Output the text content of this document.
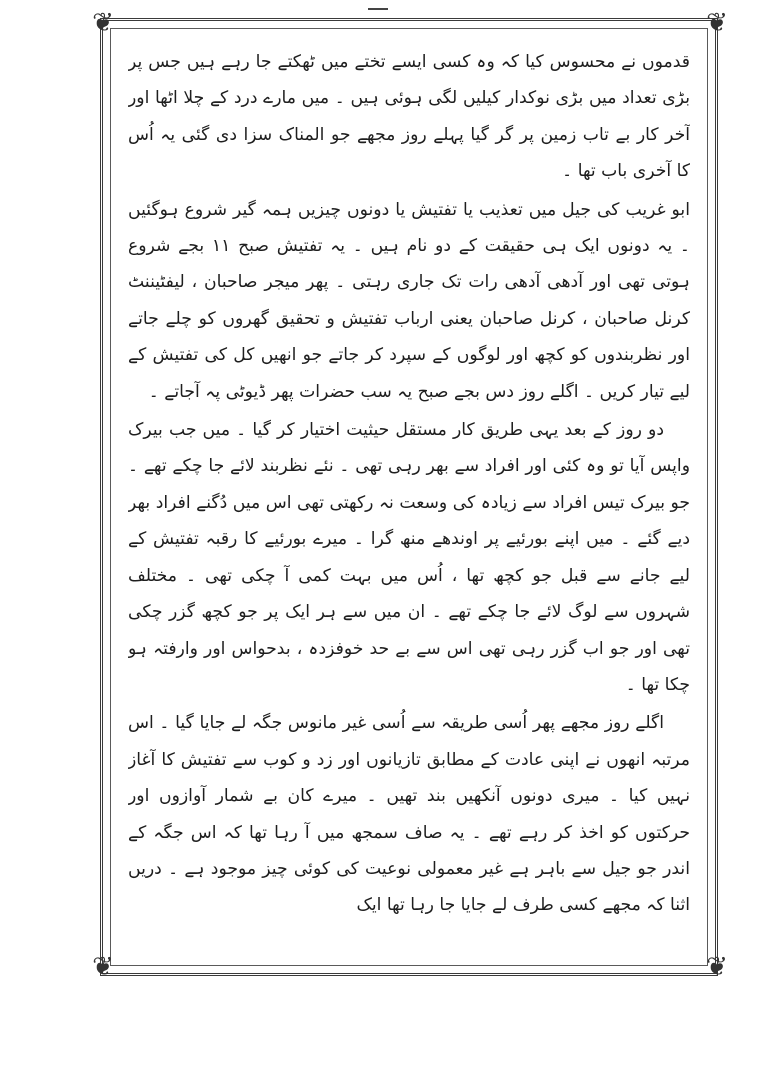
❦	❦
❦	❦

قدموں نے محسوس کیا کہ وہ کسی ایسے تختے میں ٹھکتے جا رہے ہیں جس پر بڑی تعداد میں بڑی نوکدار کیلیں لگی ہوئی ہیں ۔ میں مارے درد کے چلا اٹھا اور آخر کار بے تاب زمین پر گر گیا پہلے روز مجھے جو المناک سزا دی گئی یہ اُس کا آخری باب تھا ۔

ابو غریب کی جیل میں تعذیب یا تفتیش یا دونوں چیزیں ہمہ گیر شروع ہوگئیں ۔ یہ دونوں ایک ہی حقیقت کے دو نام ہیں ۔ یہ تفتیش صبح ۱۱ بجے شروع ہوتی تھی اور آدھی آدھی رات تک جاری رہتی ۔ پھر میجر صاحبان ، لیفٹیننٹ کرنل صاحبان ، کرنل صاحبان یعنی ارباب تفتیش و تحقیق گھروں کو چلے جاتے اور نظربندوں کو کچھ اور لوگوں کے سپرد کر جاتے جو انھیں کل کی تفتیش کے لیے تیار کریں ۔ اگلے روز دس بجے صبح یہ سب حضرات پھر ڈیوٹی پہ آجاتے ۔

دو روز کے بعد یہی طریق کار مستقل حیثیت اختیار کر گیا ۔ میں جب بیرک واپس آیا تو وہ کئی اور افراد سے بھر رہی تھی ۔ نئے نظربند لائے جا چکے تھے ۔ جو بیرک تیس افراد سے زیادہ کی وسعت نہ رکھتی تھی اس میں دُگنے افراد بھر دیے گئے ۔ میں اپنے بورئیے پر اوندھے منھ گرا ۔ میرے بورئیے کا رقبہ تفتیش کے لیے جانے سے قبل جو کچھ تھا ، اُس میں بہت کمی آ چکی تھی ۔ مختلف شہروں سے لوگ لائے جا چکے تھے ۔ ان میں سے ہر ایک پر جو کچھ گزر چکی تھی اور جو اب گزر رہی تھی اس سے بے حد خوفزدہ ، بدحواس اور وارفتہ ہو چکا تھا ۔

اگلے روز مجھے پھر اُسی طریقہ سے اُسی غیر مانوس جگہ لے جایا گیا ۔ اس مرتبہ انھوں نے اپنی عادت کے مطابق تازیانوں اور زد و کوب سے تفتیش کا آغاز نہیں کیا ۔ میری دونوں آنکھیں بند تھیں ۔ میرے کان بے شمار آوازوں اور حرکتوں کو اخذ کر رہے تھے ۔ یہ صاف سمجھ میں آ رہا تھا کہ اس جگہ کے اندر جو جیل سے باہر ہے غیر معمولی نوعیت کی کوئی چیز موجود ہے ۔ دریں اثنا کہ مجھے کسی طرف لے جایا جا رہا تھا ایک
